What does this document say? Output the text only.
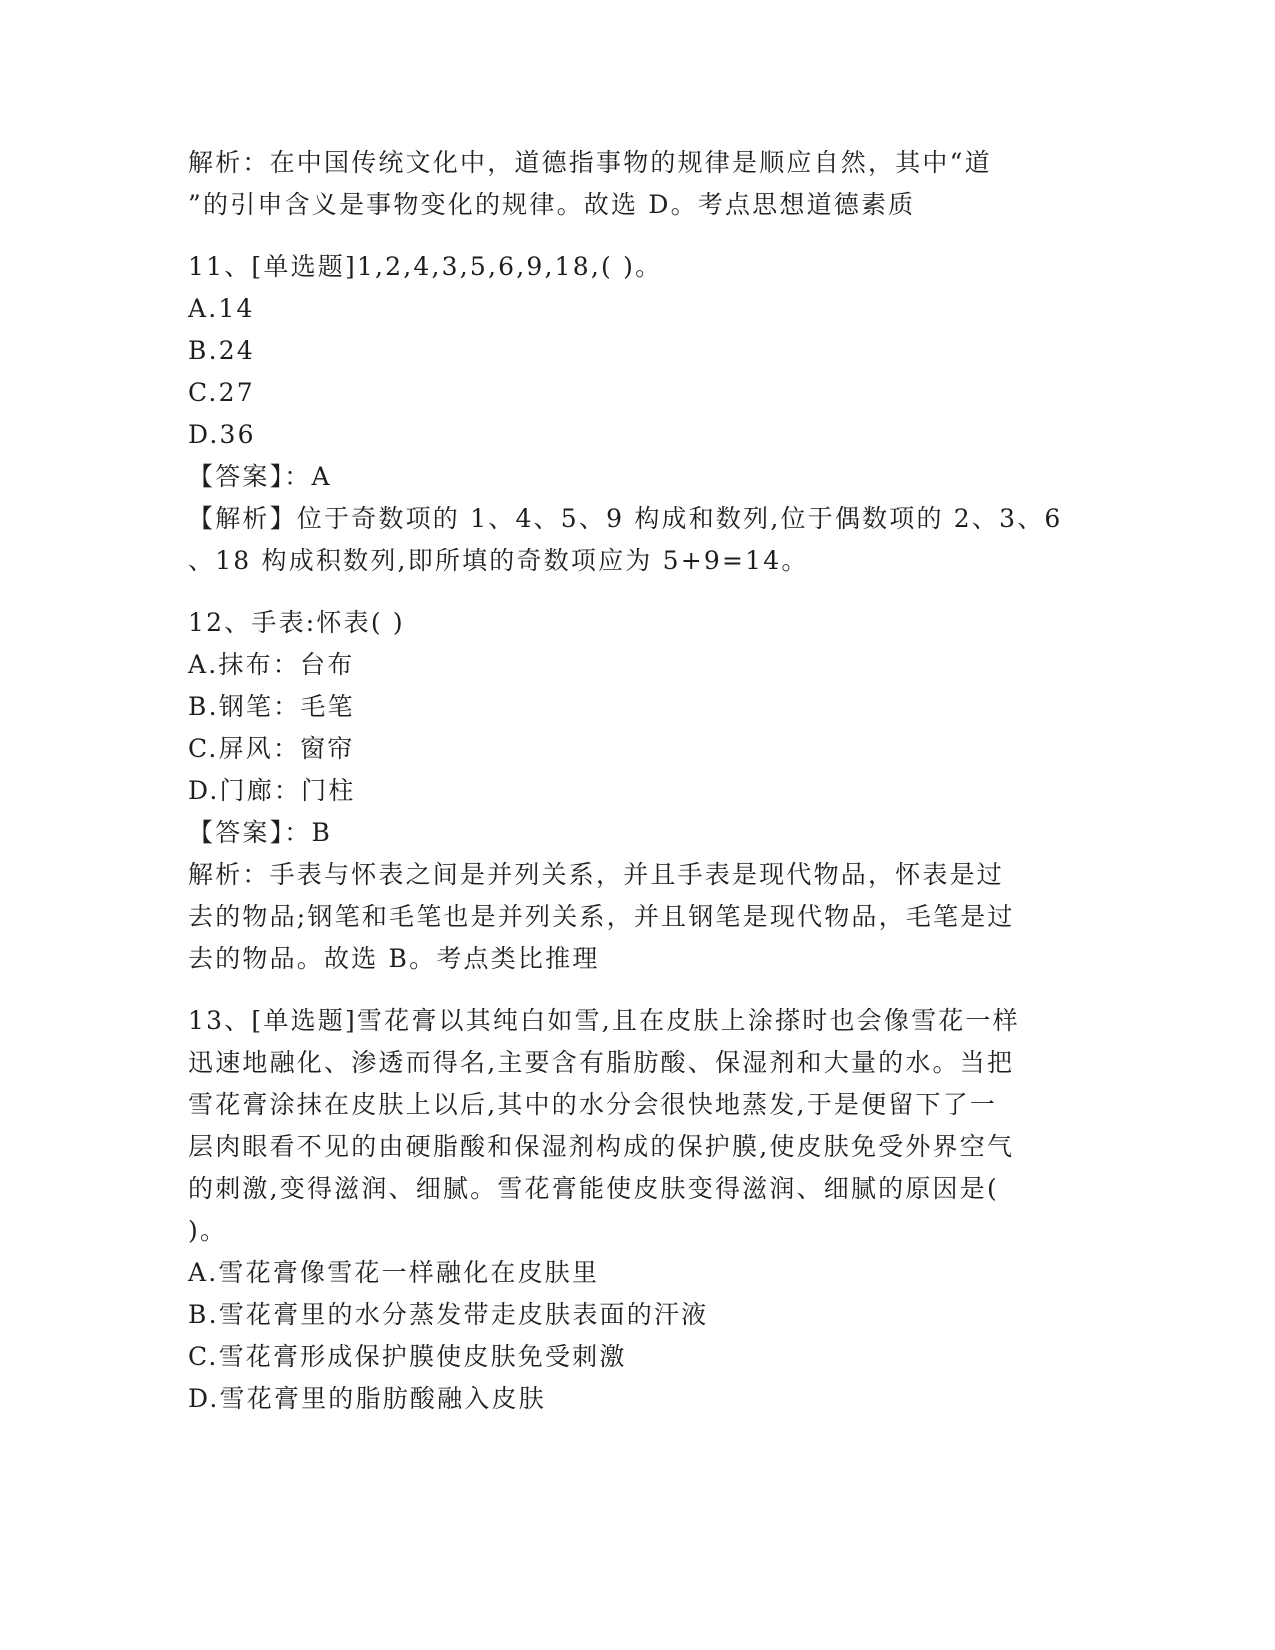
解析：在中国传统文化中，道德指事物的规律是顺应自然，其中“道
”的引申含义是事物变化的规律。故选 D。考点思想道德素质
11、[单选题]1,2,4,3,5,6,9,18,( )。
A.14
B.24
C.27
D.36
【答案】：A
【解析】位于奇数项的 1、4、5、9 构成和数列,位于偶数项的 2、3、6
、18 构成积数列,即所填的奇数项应为 5+9=14。
12、手表:怀表( )
A.抹布：台布
B.钢笔：毛笔
C.屏风：窗帘
D.门廊：门柱
【答案】：B
解析：手表与怀表之间是并列关系，并且手表是现代物品，怀表是过
去的物品;钢笔和毛笔也是并列关系，并且钢笔是现代物品，毛笔是过
去的物品。故选 B。考点类比推理
13、[单选题]雪花膏以其纯白如雪,且在皮肤上涂搽时也会像雪花一样
迅速地融化、渗透而得名,主要含有脂肪酸、保湿剂和大量的水。当把
雪花膏涂抹在皮肤上以后,其中的水分会很快地蒸发,于是便留下了一
层肉眼看不见的由硬脂酸和保湿剂构成的保护膜,使皮肤免受外界空气
的刺激,变得滋润、细腻。雪花膏能使皮肤变得滋润、细腻的原因是(
)。
A.雪花膏像雪花一样融化在皮肤里
B.雪花膏里的水分蒸发带走皮肤表面的汗液
C.雪花膏形成保护膜使皮肤免受刺激
D.雪花膏里的脂肪酸融入皮肤
